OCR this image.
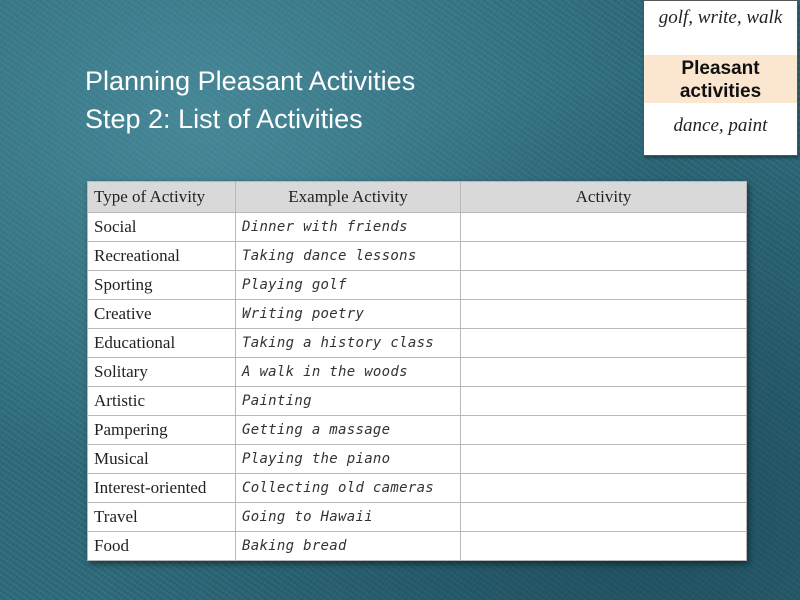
Planning Pleasant Activities
Step 2: List of Activities
golf, write, walk
Pleasant
activities
dance, paint
Type of Activity	Example Activity	Activity
Social	Dinner with friends	
Recreational	Taking dance lessons	
Sporting	Playing golf	
Creative	Writing poetry	
Educational	Taking a history class	
Solitary	A walk in the woods	
Artistic	Painting	
Pampering	Getting a massage	
Musical	Playing the piano	
Interest-oriented	Collecting old cameras	
Travel	Going to Hawaii	
Food	Baking bread	
